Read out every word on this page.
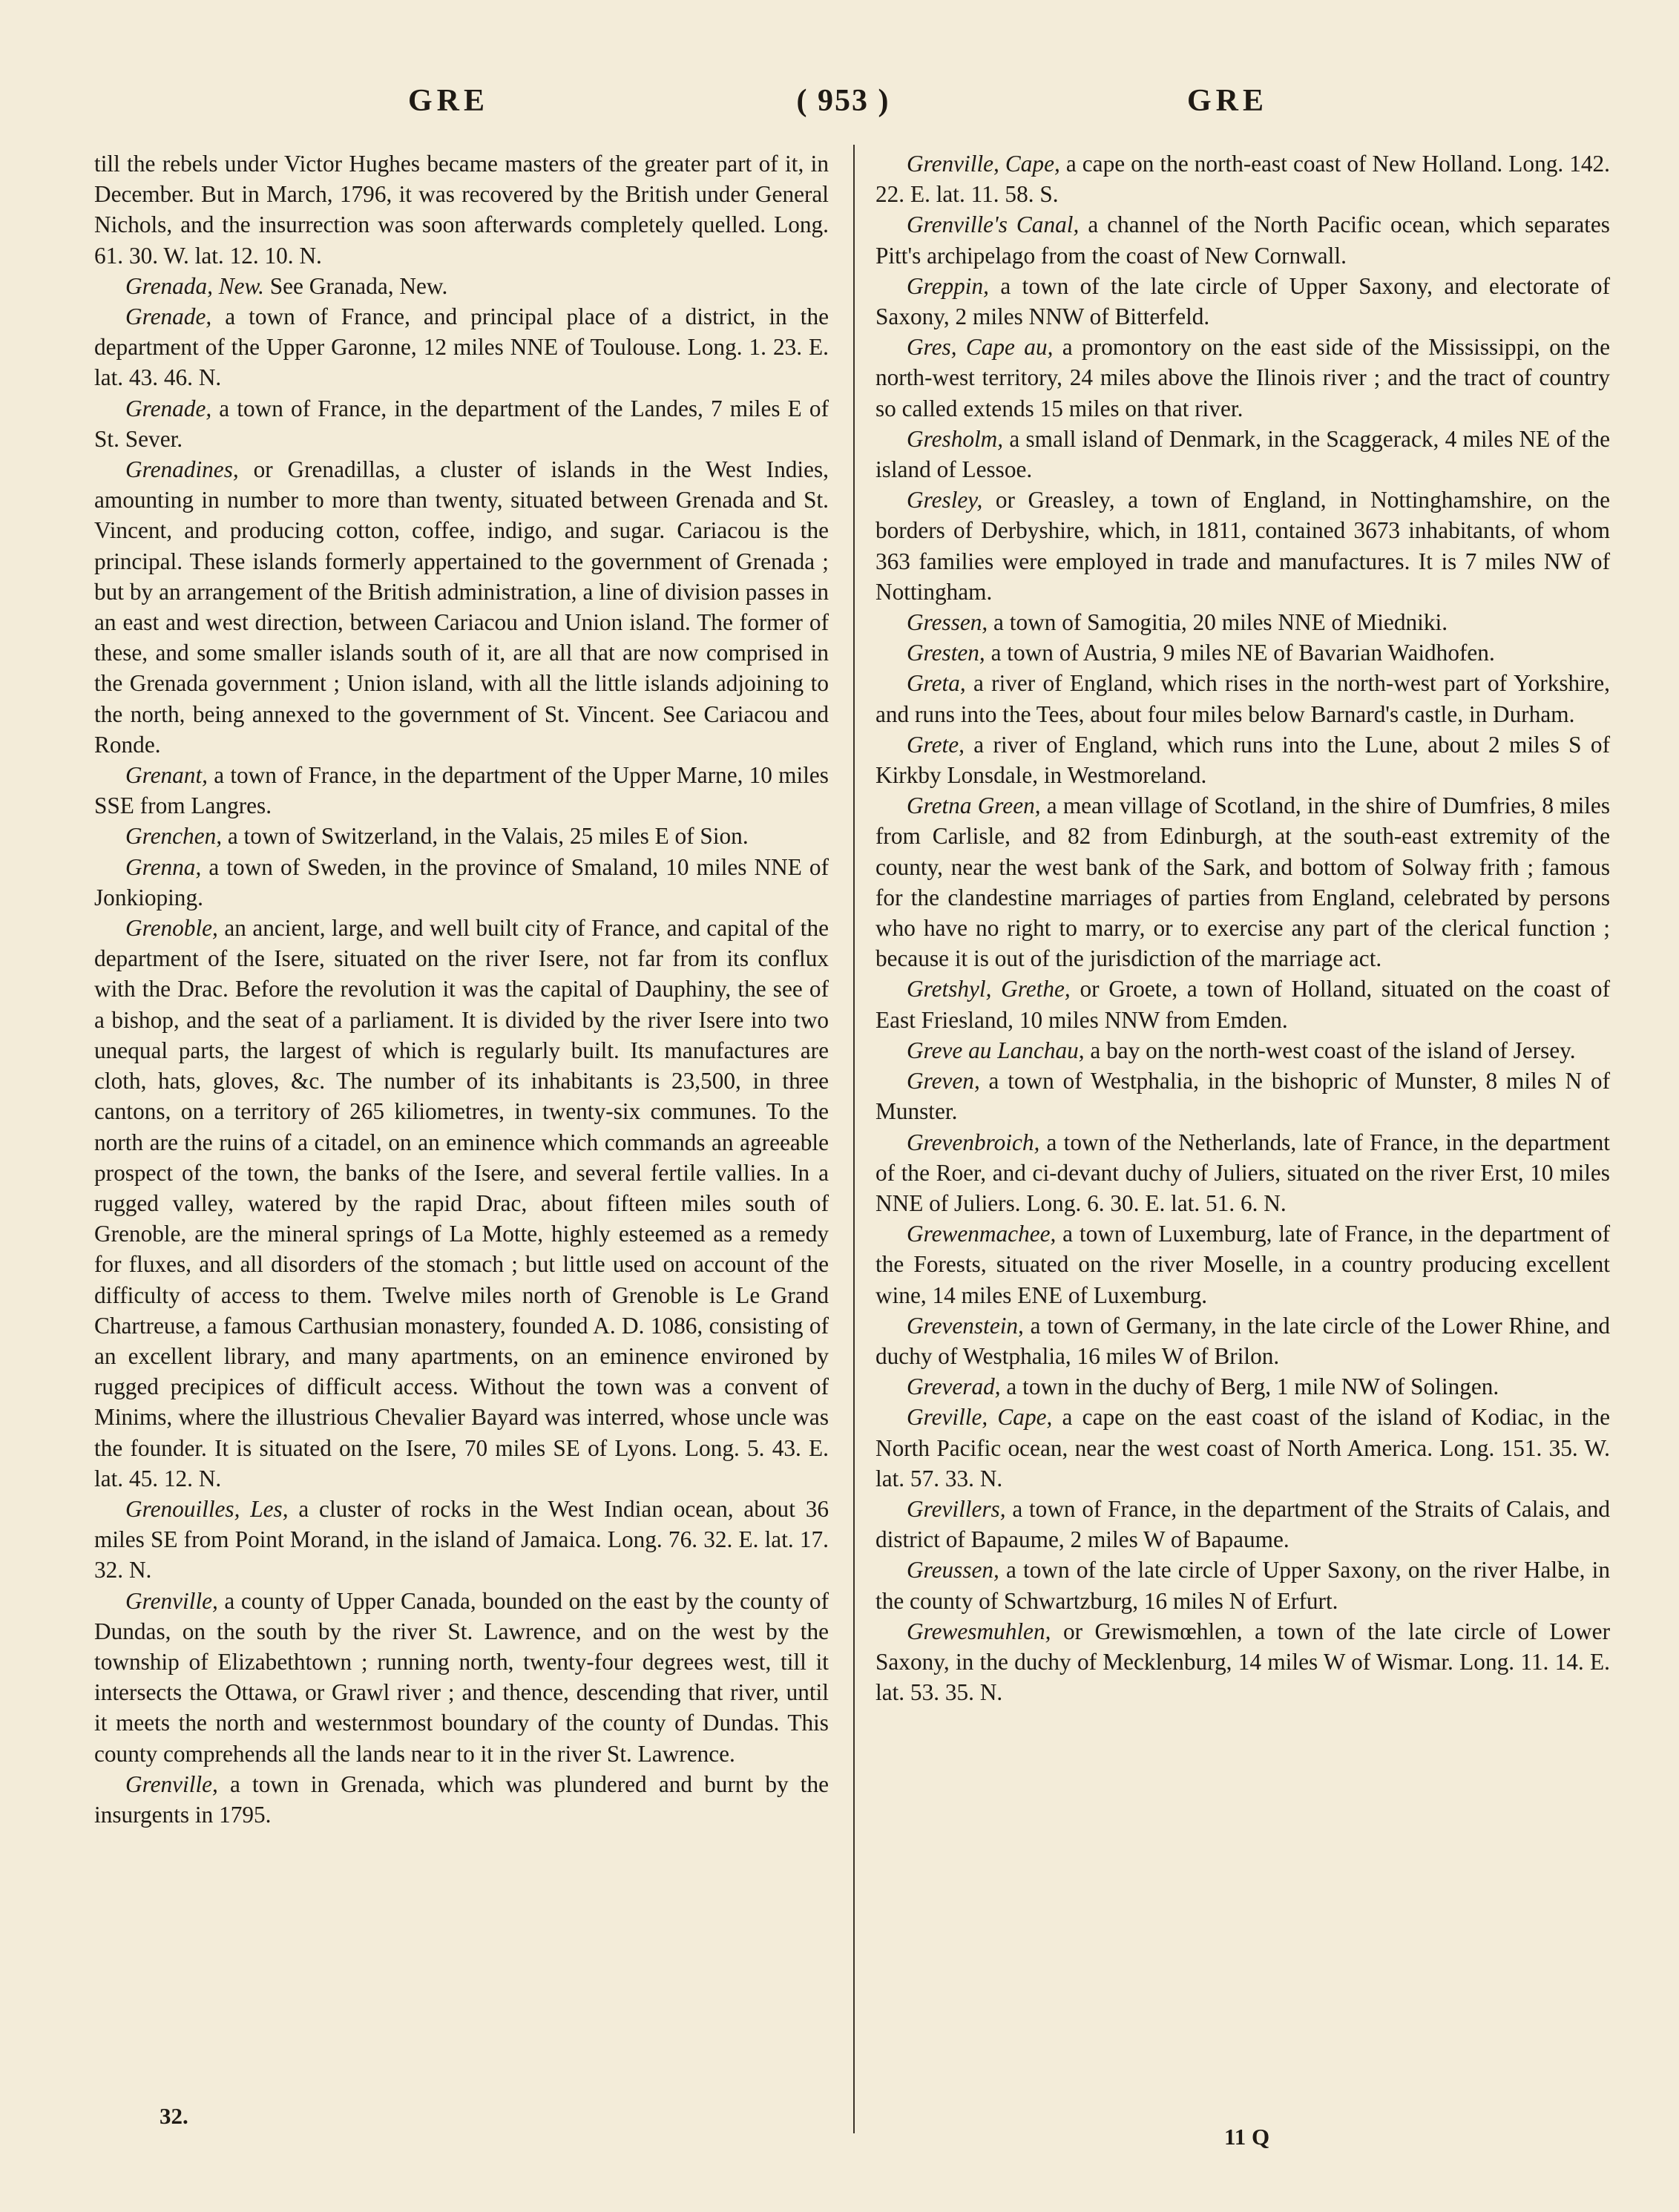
GRE	( 953 )	GRE

till the rebels under Victor Hughes became masters of the greater part of it, in December. But in March, 1796, it was recovered by the British under General Nichols, and the insurrection was soon afterwards completely quelled. Long. 61. 30. W. lat. 12. 10. N.

Grenada, New. See Granada, New.

Grenade, a town of France, and principal place of a district, in the department of the Upper Garonne, 12 miles NNE of Toulouse. Long. 1. 23. E. lat. 43. 46. N.

Grenade, a town of France, in the department of the Landes, 7 miles E of St. Sever.

Grenadines, or Grenadillas, a cluster of islands in the West Indies, amounting in number to more than twenty, situated between Grenada and St. Vincent, and producing cotton, coffee, indigo, and sugar. Cariacou is the principal. These islands formerly appertained to the government of Grenada ; but by an arrangement of the British administration, a line of division passes in an east and west direction, between Cariacou and Union island. The former of these, and some smaller islands south of it, are all that are now comprised in the Grenada government ; Union island, with all the little islands adjoining to the north, being annexed to the government of St. Vincent. See Cariacou and Ronde.

Grenant, a town of France, in the department of the Upper Marne, 10 miles SSE from Langres.

Grenchen, a town of Switzerland, in the Valais, 25 miles E of Sion.

Grenna, a town of Sweden, in the province of Smaland, 10 miles NNE of Jonkioping.

Grenoble, an ancient, large, and well built city of France, and capital of the department of the Isere, situated on the river Isere, not far from its conflux with the Drac. Before the revolution it was the capital of Dauphiny, the see of a bishop, and the seat of a parliament. It is divided by the river Isere into two unequal parts, the largest of which is regularly built. Its manufactures are cloth, hats, gloves, &c. The number of its inhabitants is 23,500, in three cantons, on a territory of 265 kiliometres, in twenty-six communes. To the north are the ruins of a citadel, on an eminence which commands an agreeable prospect of the town, the banks of the Isere, and several fertile vallies. In a rugged valley, watered by the rapid Drac, about fifteen miles south of Grenoble, are the mineral springs of La Motte, highly esteemed as a remedy for fluxes, and all disorders of the stomach ; but little used on account of the difficulty of access to them. Twelve miles north of Grenoble is Le Grand Chartreuse, a famous Carthusian monastery, founded A. D. 1086, consisting of an excellent library, and many apartments, on an eminence environed by rugged precipices of difficult access. Without the town was a convent of Minims, where the illustrious Chevalier Bayard was interred, whose uncle was the founder. It is situated on the Isere, 70 miles SE of Lyons. Long. 5. 43. E. lat. 45. 12. N.

Grenouilles, Les, a cluster of rocks in the West Indian ocean, about 36 miles SE from Point Morand, in the island of Jamaica. Long. 76. 32. E. lat. 17. 32. N.

Grenville, a county of Upper Canada, bounded on the east by the county of Dundas, on the south by the river St. Lawrence, and on the west by the township of Elizabethtown ; running north, twenty-four degrees west, till it intersects the Ottawa, or Grawl river ; and thence, descending that river, until it meets the north and westernmost boundary of the county of Dundas. This county comprehends all the lands near to it in the river St. Lawrence.

Grenville, a town in Grenada, which was plundered and burnt by the insurgents in 1795.

Grenville, Cape, a cape on the north-east coast of New Holland. Long. 142. 22. E. lat. 11. 58. S.

Grenville's Canal, a channel of the North Pacific ocean, which separates Pitt's archipelago from the coast of New Cornwall.

Greppin, a town of the late circle of Upper Saxony, and electorate of Saxony, 2 miles NNW of Bitterfeld.

Gres, Cape au, a promontory on the east side of the Mississippi, on the north-west territory, 24 miles above the Ilinois river ; and the tract of country so called extends 15 miles on that river.

Gresholm, a small island of Denmark, in the Scaggerack, 4 miles NE of the island of Lessoe.

Gresley, or Greasley, a town of England, in Nottinghamshire, on the borders of Derbyshire, which, in 1811, contained 3673 inhabitants, of whom 363 families were employed in trade and manufactures. It is 7 miles NW of Nottingham.

Gressen, a town of Samogitia, 20 miles NNE of Miedniki.

Gresten, a town of Austria, 9 miles NE of Bavarian Waidhofen.

Greta, a river of England, which rises in the north-west part of Yorkshire, and runs into the Tees, about four miles below Barnard's castle, in Durham.

Grete, a river of England, which runs into the Lune, about 2 miles S of Kirkby Lonsdale, in Westmoreland.

Gretna Green, a mean village of Scotland, in the shire of Dumfries, 8 miles from Carlisle, and 82 from Edinburgh, at the south-east extremity of the county, near the west bank of the Sark, and bottom of Solway frith ; famous for the clandestine marriages of parties from England, celebrated by persons who have no right to marry, or to exercise any part of the clerical function ; because it is out of the jurisdiction of the marriage act.

Gretshyl, Grethe, or Groete, a town of Holland, situated on the coast of East Friesland, 10 miles NNW from Emden.

Greve au Lanchau, a bay on the north-west coast of the island of Jersey.

Greven, a town of Westphalia, in the bishopric of Munster, 8 miles N of Munster.

Grevenbroich, a town of the Netherlands, late of France, in the department of the Roer, and ci-devant duchy of Juliers, situated on the river Erst, 10 miles NNE of Juliers. Long. 6. 30. E. lat. 51. 6. N.

Grewenmachee, a town of Luxemburg, late of France, in the department of the Forests, situated on the river Moselle, in a country producing excellent wine, 14 miles ENE of Luxemburg.

Grevenstein, a town of Germany, in the late circle of the Lower Rhine, and duchy of Westphalia, 16 miles W of Brilon.

Greverad, a town in the duchy of Berg, 1 mile NW of Solingen.

Greville, Cape, a cape on the east coast of the island of Kodiac, in the North Pacific ocean, near the west coast of North America. Long. 151. 35. W. lat. 57. 33. N.

Grevillers, a town of France, in the department of the Straits of Calais, and district of Bapaume, 2 miles W of Bapaume.

Greussen, a town of the late circle of Upper Saxony, on the river Halbe, in the county of Schwartzburg, 16 miles N of Erfurt.

Grewesmuhlen, or Grewismœhlen, a town of the late circle of Lower Saxony, in the duchy of Mecklenburg, 14 miles W of Wismar. Long. 11. 14. E. lat. 53. 35. N.

32.
11 Q
